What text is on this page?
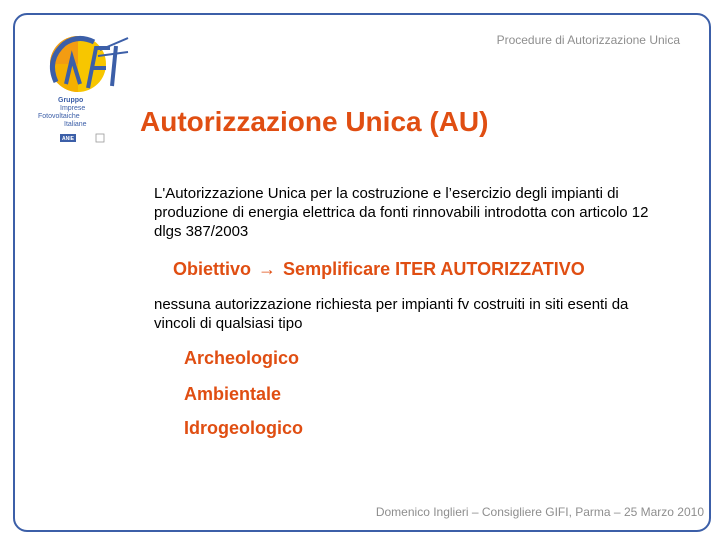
Gruppo
Imprese
Fotovoltaiche
Italiane
ANIE
Procedure di Autorizzazione Unica
Autorizzazione Unica (AU)
L'Autorizzazione Unica per la costruzione e l’esercizio degli impianti di produzione di energia elettrica da fonti rinnovabili introdotta con articolo 12 dlgs 387/2003
Obiettivo → Semplificare ITER AUTORIZZATIVO
nessuna autorizzazione richiesta per impianti fv costruiti in siti esenti da vincoli di qualsiasi tipo
Archeologico
Ambientale
Idrogeologico
Domenico Inglieri – Consigliere GIFI, Parma – 25 Marzo 2010
